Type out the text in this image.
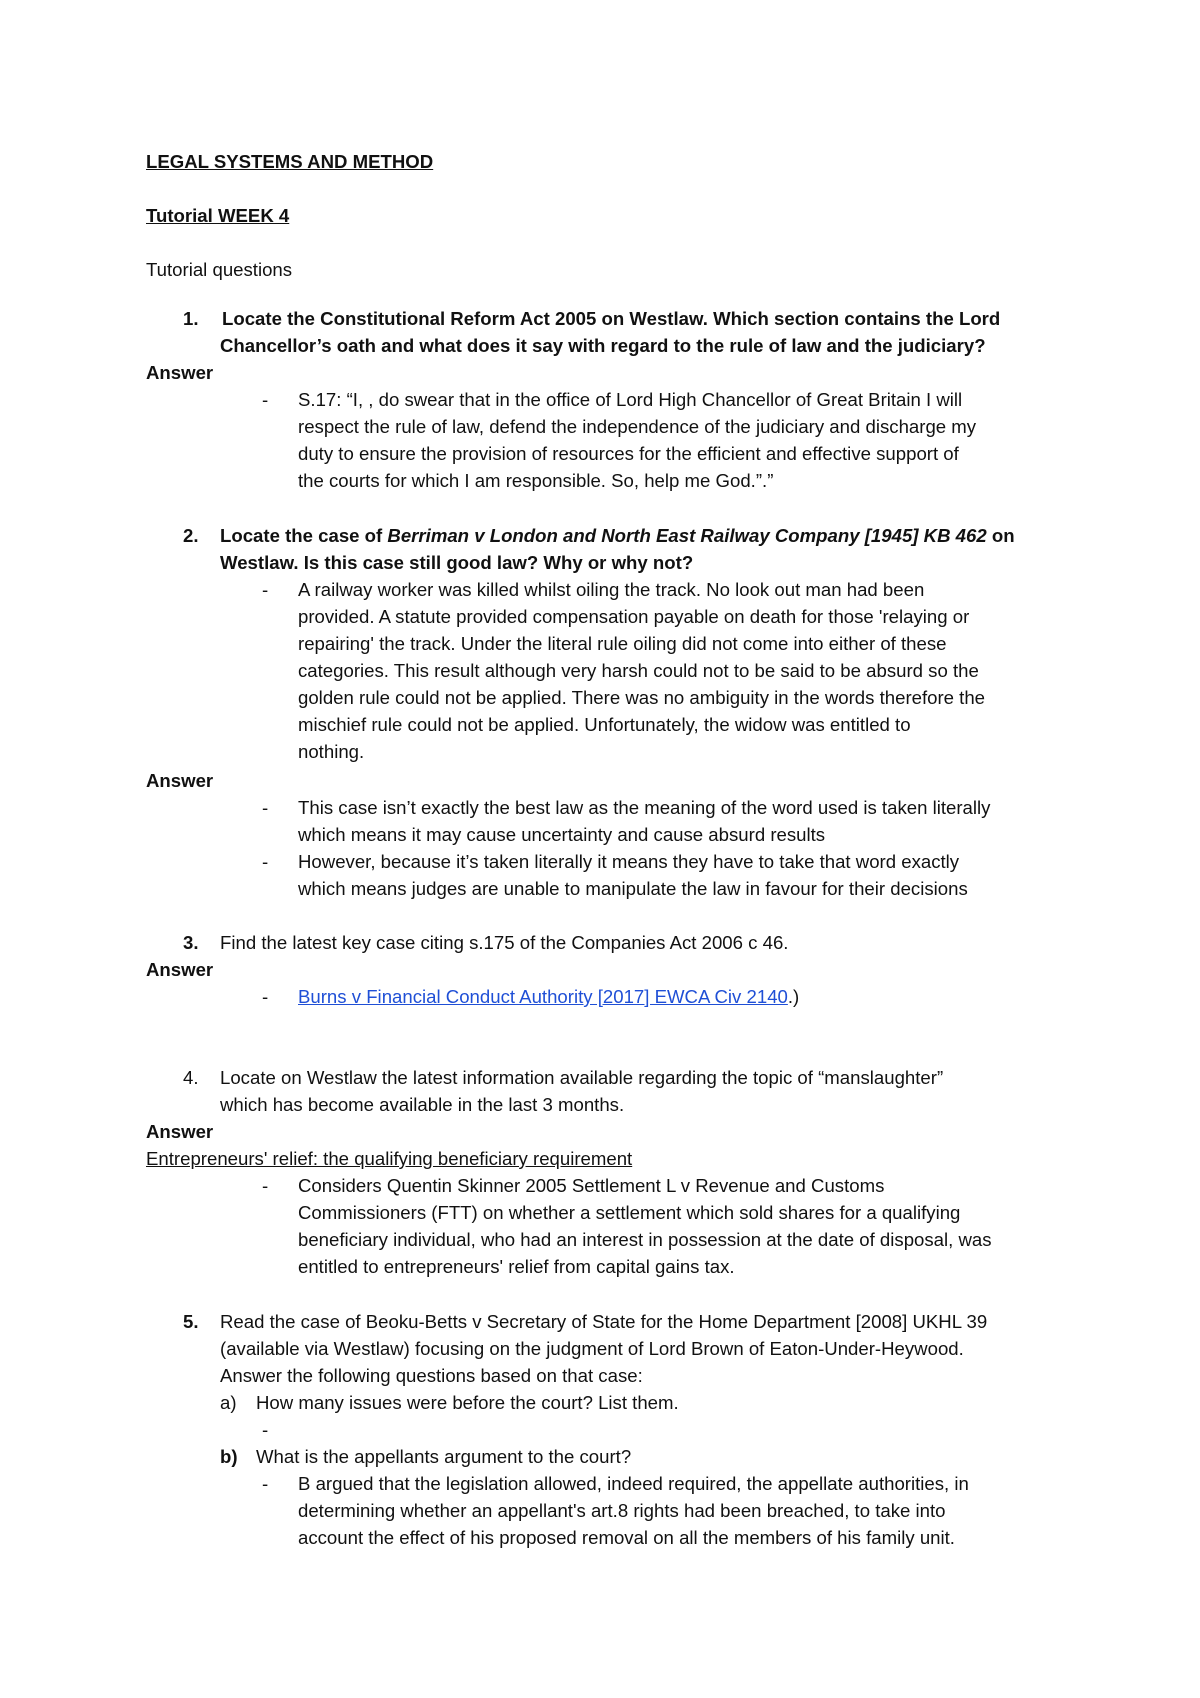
LEGAL SYSTEMS AND METHOD
Tutorial WEEK 4
Tutorial questions
1. Locate the Constitutional Reform Act 2005 on Westlaw. Which section contains the Lord
Chancellor’s oath and what does it say with regard to the rule of law and the judiciary?
Answer
- S.17: “I, , do swear that in the office of Lord High Chancellor of Great Britain I will
respect the rule of law, defend the independence of the judiciary and discharge my
duty to ensure the provision of resources for the efficient and effective support of
the courts for which I am responsible. So, help me God.”.”
2. Locate the case of Berriman v London and North East Railway Company [1945] KB 462 on
Westlaw. Is this case still good law? Why or why not?
- A railway worker was killed whilst oiling the track. No look out man had been
provided. A statute provided compensation payable on death for those 'relaying or
repairing' the track. Under the literal rule oiling did not come into either of these
categories. This result although very harsh could not to be said to be absurd so the
golden rule could not be applied. There was no ambiguity in the words therefore the
mischief rule could not be applied. Unfortunately, the widow was entitled to
nothing.
Answer
- This case isn’t exactly the best law as the meaning of the word used is taken literally
which means it may cause uncertainty and cause absurd results
- However, because it’s taken literally it means they have to take that word exactly
which means judges are unable to manipulate the law in favour for their decisions
3. Find the latest key case citing s.175 of the Companies Act 2006 c 46.
Answer
- Burns v Financial Conduct Authority [2017] EWCA Civ 2140.)
4. Locate on Westlaw the latest information available regarding the topic of “manslaughter”
which has become available in the last 3 months.
Answer
Entrepreneurs' relief: the qualifying beneficiary requirement
- Considers Quentin Skinner 2005 Settlement L v Revenue and Customs
Commissioners (FTT) on whether a settlement which sold shares for a qualifying
beneficiary individual, who had an interest in possession at the date of disposal, was
entitled to entrepreneurs' relief from capital gains tax.
5. Read the case of Beoku-Betts v Secretary of State for the Home Department [2008] UKHL 39
(available via Westlaw) focusing on the judgment of Lord Brown of Eaton-Under-Heywood.
Answer the following questions based on that case:
a) How many issues were before the court? List them.
-
b) What is the appellants argument to the court?
- B argued that the legislation allowed, indeed required, the appellate authorities, in
determining whether an appellant's art.8 rights had been breached, to take into
account the effect of his proposed removal on all the members of his family unit.
